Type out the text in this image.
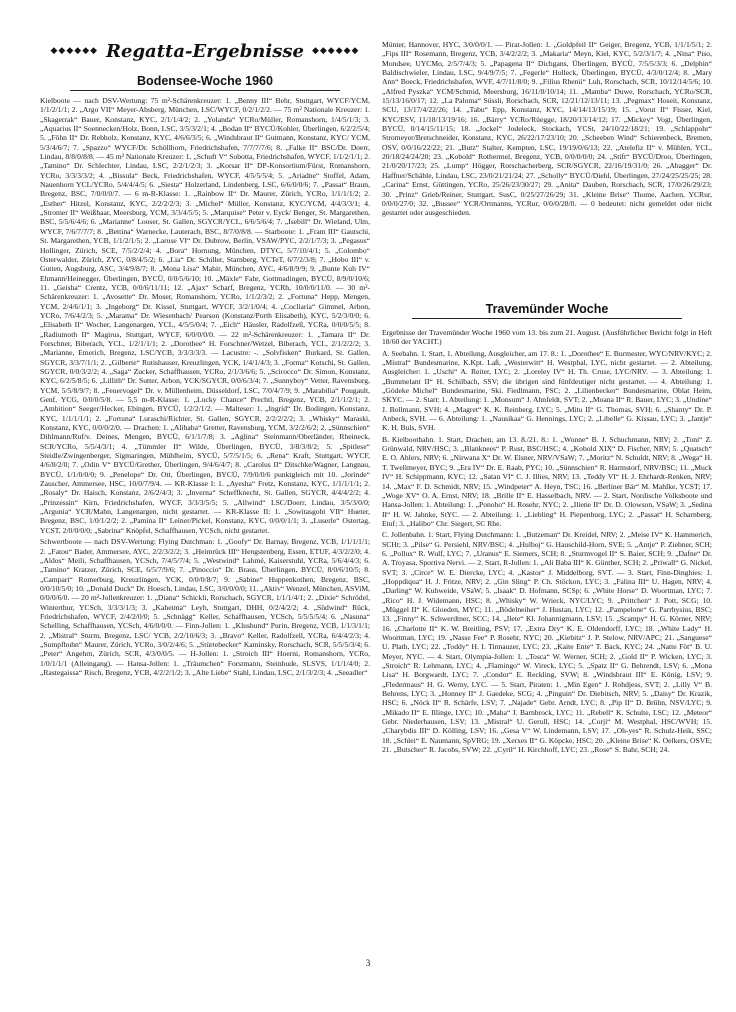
◆◆◆◆◆◆ Regatta-Ergebnisse ◆◆◆◆◆◆
Bodensee-Woche 1960

Kielboote — nach DSV-Wertung: 75 m²-Schärenkreuzer: 1. „Benny III“ Behr, Stuttgart, WYCF/YCM, 1/1/2/1/1; 2. „Argo VII“ Meyer-Absberg, München, LSC/WYCF, 0/2/1/2/2. — 75 m² Nationale Kreuzer: 1. „Skagerrak“ Bauer, Konstanz, KYC, 2/1/1/4/2; 2. „Yolanda“ YCRo/Müller, Romanshorn, 1/4/5/1/3; 3. „Aquarius II“ Soennecken/Holz, Bonn, LSC, 3/5/3/2/1; 4. „Bodan II“ BYCÜ/Kohler, Überlingen, 6/2/2/5/4; 5. „Föhn II“ Dr. Rebholz, Konstanz, KYC, 4/6/6/3/5; 6. „Windsbraut II“ Gutmann, Konstanz, KYC/ YCM, 5/3/4/6/7; 7. „Spazzo“ WYCF/Dr. Schöllhorn, Friedrichshafen, 7/7/7/7/6; 8. „Falke II“ BSC/Dr. Doerr, Lindau, 8/8/0/8/8. — 45 m² Nationale Kreuzer: 1. „Schuft V“ Sobotta, Friedrichshafen, WYCF, 1/1/2/1/1; 2. „Tamino“ Dr. Schlechter, Lindau, LSC, 2/2/1/2/3; 3. „Korsar II“ DP-Konsortium/Fürst, Romanshorn, YCRo, 3/3/3/3/2; 4. „Bissula“ Beck, Friedrichshafen, WYCF, 4/5/5/5/4; 5. „Ariadne“ Stoffel, Adam, Nauenhorn YCL/YCRo, 5/4/4/4/5; 6. „Siesta“ Holzerland, Lindenberg, LSC, 6/6/0/0/6; 7. „Passat“ Braun, Bregenz, BSC, 7/0/0/0/7. — 6 m-R-Klasse: 1. „Rainbow II“ Dr. Maurer, Zürich, YCRo, 1/1/1/1/2; 2. „Esther“ Hitzel, Konstanz, KYC, 2/2/2/2/3; 3. „Michel“ Müller, Konstanz, KYC/YCM, 4/4/3/3/1; 4. „Stromer II“ Weißhaar, Meersburg, YCM, 3/3/4/5/5; 5. „Marquise“ Peter v. Eyck/ Benger, St. Margarethen, BSC, 5/5/6/4/6; 6. „Marianne“ Looser, St. Gallen, SGYCR/YCL, 6/6/5/6/4; 7. „Isebill“ Dr. Wieland, Ulm, WYCF, 7/6/7/7/7; 8. „Bettina“ Warnecke, Lauterach, BSC, 8/7/0/8/8. — Starboote: 1. „Fram III“ Gautschi, St. Margarethen, YCB, 1/1/2/1/5; 2. „Laruse VI“ Dr. Dubrow, Berlin, VSAW/PYC, 2/2/1/7/3; 3. „Pegasus“ Hollinger, Zürich, SCE, 7/5/2/2/4; 4. „Bora“ Hornung, München, DTYC, 5/7/10/4/1; 5. „Colombo“ Osterwalder, Zürich, ZYC, 0/8/4/5/2; 6. „Lia“ Dr. Schiller, Starnberg, YCTeT, 6/7/2/3/8; 7. „Hobo III“ v. Gutten, Augsburg, ASC, 3/4/9/8/7; 8. „Mona Lisa“ Mahir, München, AYC, 4/6/8/9/9; 9. „Bunte Kuh IV“ Ehmann/Heinegger, Überlingen, BYCÜ, 0/0/5/6/10; 10. „Mäxle“ Fahr, Gottmadingen, BYCÜ, 8/9/0/10/6; 11. „Geisha“ Crentz, YCB, 0/0/6/11/11; 12. „Ajax“ Scharf, Bregenz, YCRh, 10/0/0/11/0. — 30 m²-Schärenkreuzer: 1. „Avosette“ Dr. Moser, Romanshorn, YCRo, 1/1/2/3/2; 2. „Fortuna“ Hepp, Mengen, YCM, 2/4/6/1/1; 3. „Ingeborg“ Dr. Kissel, Stuttgart, WYCF, 3/2/1/0/4; 4. „Cocliaria“ Gimmel, Arbon, YCRo, 7/6/4/2/3; 5. „Marama“ Dr. Wiesenbach/ Pearson (Konstanz/Porth Elisabeth), KYC, 5/2/3/0/0; 6. „Elisabeth II“ Wocher, Langenargen, YCL, 4/5/5/0/4; 7. „Eich“ Häusler, Radolfzell, YCRa, 0/0/0/5/5; 8. „Radiumoth II“ Magirus, Stuttgart, WYCF, 6/0/0/0/0. — 22 m²-Schärenkreuzer: 1. „Tamara II“ Dr. Forschner, Biberach, YCL, 1/2/1/1/1; 2. „Dorothee“ H. Forschner/Wetzel, Biberach, YCL, 2/1/2/2/2; 3. „Marianne, Emerich, Bregenz, LSC/YCB, 3/3/3/3/3. — Lacustre: -. „Solvfisken“ Burkard, St. Gallen, SGYCR, 3/3/7/1/1; 2. „Gilberte“ Rutishauser, Kreuzlingen, YCK, 1/4/1/4/3; 3. „Forma“ Kotschi, St. Gallen, SGYCR, 0/0/3/2/2; 4. „Saga“ Zucker, Schaffhausen, YCRo, 2/1/3/6/6; 5. „Scirocco“ Dr. Simon, Konstanz, KYC, 6/2/5/8/5; 6. „Lillith“ Dr. Sutter, Arbon, YCK/SGYCR, 0/0/6/3/4; 7. „Sunnyboy“ Vetter, Ravensburg, YCM, 5/5/8/9/7; 8. „Feuervogel“ Dr. v. Müllenheim, Düsseldorf, LSC, 7/0/4/7/9; 9. „Marabilia“ Pougault, Genf, YCG, 0/0/0/5/8. — 5,5 m-R-Klasse: 1. „Lucky Chance“ Prechtl, Bregenz, YCB, 2/1/1/2/1; 2. „Ambition“ Seeger/Hecker, Ebingen, BYCÜ, 1/2/2/1/2. — Malteser: 1. „Ingrid“ Dr. Bodingen, Konstanz, KYC, 1/1/1/1/1; 2. „Fortuna“ Luraschi/Richter, St. Gallen, SGYCR, 2/2/2/2/2; 3. „Whisky“ Maraski, Konstanz, KYC, 0/0/0/2/0. — Drachen: 1. „Alibaba“ Gretter, Ravensburg, YCM, 3/2/2/6/2; 2. „Sünnschien“ Dihlmann/Ruf/v. Deines, Mengen, BYCÜ, 6/1/1/7/8; 3. „Aglina“ Steinmann/Oberländer, Rheineck, SCR/YCRo, 5/5/4/3/1; 4. „Tümmler II“ Wilde, Überlingen, BYCÜ, 3/8/3/8/2; 5. „Spitlese“ Steidle/Zwingenberger, Sigmaringen, Mühlheim, SYCÜ, 5/7/5/1/5; 6. „Rena“ Kraft, Stuttgart, WYCF, 4/6/8/2/0; 7. „Odin V“ BYCÜ/Grether, Überlingen, 9/4/6/4/7; 8. „Carolus II“ Ditschke/Wagner, Langnau, BYCÜ, 1/1/0/0/0; 9. „Penelope“ Dr. Ott, Überlingen, BYCÜ, 7/9/0/0/6 punktgleich mit 10. „Jorinde“ Zauscher, Ammersee, HSC, 10/0/7/9/4. — KR-Klasse I: 1. „Ayesha“ Fretz, Konstanz, KYC, 1/1/1/1/1; 2. „Rosaly“ Dr. Haisch, Konstanz, 2/6/2/4/3; 3. „Inverna“ Scheffknecht, St. Gallen, SGYCR, 4/4/4/2/2; 4. „Prinzessin“ Kirn, Friedrichshafen, WYCF, 3/3/3/5/5; 5. „Allwind“ LSC/Doerr, Lindau, 3/5/3/0/0; „Argunia“ YCR/Mahn, Langenargen, nicht gestartet. — KR-Klasse II: 1. „Sowitasgoht VII“ Hueter, Bregenz, BSC, 1/0/1/2/2; 2. „Pamina II“ Leiner/Pickel, Konstanz, KYC, 0/0/0/1/1; 3. „Luserle“ Ostertag, YCST, 2/0/0/0/0; „Sabrina“ Knöpfel, Schaffhausen, YCSch, nicht gestartet.

Schwertboote — nach DSV-Wertung: Flying Dutchman: 1. „Goofy“ Dr. Barnay, Bregenz, YCB, 1/1/1/1/1; 2. „Fatou“ Bader, Ammersee, AYC, 2/2/3/2/2; 3. „Heimrück III“ Hengstenberg, Essen, ETUF, 4/3/2/2/0; 4. „Aldos“ Meili, Schaffhausen, YCSch, 7/4/5/7/4; 5. „Westwind“ Lahmé, Kaiserstuhl, YCRa, 5/6/4/4/3; 6. „Tamino“ Kratzer, Zürich, SCE, 6/5/7/9/6; 7. „Pinoccio“ Dr. Braus, Überlingen, BYCÜ, 8/0/6/10/5; 8. „Campari“ Romerburg, Kreuzlingen, YCK, 0/0/0/8/7; 9. „Sabine“ Huppenkothen, Bregenz, BSC, 0/0/10/5/0; 10. „Donald Duck“ Dr. Hoesch, Lindau, LSC, 3/0/0/0/0; 11. „Aktiv“ Wenzel, München, ASViM, 0/0/0/6/0. — 20 m²-Jollenkreuzer: 1. „Diana“ Schickli, Rorschach, SGYCR, 1/1/1/4/1; 2. „Dixie“ Schrödel, Winterthur, YCSch, 3/3/3/1/3; 3. „Kaheima“ Leyh, Stuttgart, DHH, 0/2/4/2/2; 4. „Südwind“ Rück, Friedrichshafen, WYCF, 2/4/2/0/0; 5. „Schnägg“ Keller, Schaffhausen, YCSch, 5/5/5/5/4; 6. „Nasuna“ Schelling, Schaffhausen, YCSch, 4/6/0/0/0. — Finn-Jollen: 1. „Klushund“ Purin, Bregenz, YCB, 1/1/3/1/1; 2. „Mistral“ Sturm, Bregenz, LSC/ YCB, 2/2/10/6/3; 3. „Bravo“ Keller, Radolfzell, YCRa, 6/4/4/2/3; 4. „Sumpfhuhn“ Maurer, Zürich, YCRo, 3/0/2/4/6; 5. „Stürtebecker“ Kaminsky, Rorschach, SCR, 5/5/5/3/4; 6. „Peter“ Angehrn, Zürich, SCR, 4/3/0/0/5. — H-Jollen: 1. „Stroich III“ Hoerni, Romanshorn, YCRo, 1/0/1/1/1 (Alleingang). — Hansa-Jollen: 1. „Träumchen“ Forstmann, Steinhude, SLSVS, 1/1/1/4/0; 2. „Rastegaissa“ Risch, Bregenz, YCB, 4/2/2/1/2; 3. „Alte Liebe“ Stahl, Lindau, LSC, 2/1/3/2/3; 4. „Seeadler“

Münter, Hannover, HYC, 3/0/0/0/1. — Pirat-Jollen: 1. „Goldpfeil II“ Geiger, Bregenz, YCB, 1/1/1/5/1; 2. „Fips III“ Rosemann, Bregenz, YCB, 3/4/2/2/2; 3. „Makaria“ Meyn, Kiel, KYC, 5/2/3/1/7; 4. „Nina“ Piso, Mondsee, UYCMo, 2/5/7/4/3; 5. „Papagena II“ Dichgans, Überlingen, BYCÜ, 7/5/5/3/3; 6. „Delphin“ Baldischwieler, Lindau, LSC, 9/4/9/7/5; 7. „Fegerle“ Holleck, Überlingen, BYCÜ, 4/3/0/12/4; 8. „Mary Ann“ Boeck, Friedrichshafen, WVF, 4/7/11/8/0; 9. „Filius Rhenii“ Luh, Rorschach, SCR, 10/12/14/5/6; 10. „Alfred Pyszka“ YCM/Schmid, Meersburg, 16/11/8/10/14; 11. „Mamba“ Duwe, Rorschach, YCRo/SCR, 15/13/16/0/17; 12. „La Paloma“ Süssli, Rorschach, SCR, 12/21/12/13/11; 13. „Pegmax“ Hoseit, Konstanz, SCU, 13/17/4/22/26; 14. „Tabu“ Epp, Konstanz, KYC, 14/14/13/15/19; 15. „Vorut II“ Fisser, Kiel, KYC/ESV, 11/18/13/19/16; 16. „Bärry“ YCRo/Rüegge, 18/20/13/14/12; 17. „Mickey“ Vogt, Überlingen, BYCÜ, 0/14/15/11/15; 18. „Jockel“ Jodeleck, Stockach, YCSt, 24/10/22/18/21; 19. „Schlappohr“ Stromeyer/Bretschneider, Konstanz, KYC, 26/22/17/23/10; 20. „Scheeben Wind“ Schierenbeck, Bremen, OSV, 0/0/16/22/22; 21. „Butz“ Stalter, Kempten, LSC, 19/19/0/6/13; 22. „Atelefiz II“ v. Mühlen, YCL, 20/18/24/24/20; 23. „Kobold“ Rothermel, Bregenz, YCB, 0/0/0/0/0; 24. „Stift“ BYCÜ/Droo, Überlingen, 21/0/20/17/23; 25. „Lump“ Högger, Rorschacherberg, SCR/SGYCR, 22/16/19/31/0; 26. „Abagger“ Dr. Haffner/Schäble, Lindau, LSC, 23/0/21/21/24; 27. „Scholly“ BYCÜ/Diehl, Überlingen, 27/24/25/25/25; 28. „Carina“ Ernst, Güttingen, YCRo, 25/26/23/30/27; 29. „Anita“ Dauben, Rorschach, SCR, 17/0/26/29/23; 30. „Prinz“ Grieb/Reiner, Stuttgart, SusC, 0/25/27/26/29; 31. „Kleine Brise“ Thome, Aachen, YCRur, 0/0/0/27/0; 32. „Bussee“ YCR/Ortmanns, YCRur, 0/0/0/28/0. — 0 bedeutet: nicht gemeldet oder nicht gestartet oder ausgeschieden.

Travemünder Woche

Ergebnisse der Travemünder Woche 1960 vom 13. bis zum 21. August. (Ausführlicher Bericht folgt in Heft 18/60 der YACHT.)

A. Seebahn. 1. Start, 1. Abteilung, Ausgleicher, am 17. 8.: 1. „Dorothee“ E. Burmester, WYC/NRV/KYC; 2. „Mistral“ Bundesmarine, K.Kpt. Laß, „Westerwitt“ H. Westphal, LYC, nicht gestartet. — 2. Abteilung, Ausgleicher: 1. „Uschi“ A. Reiter, LYC; 2. „Loreley IV“ H. Th. Cruse, LYC/NRV. — 3. Abteilung: 1. „Bummelant II“ H. Schilbach, SSV; die übrigen sind fünfdeutiger nicht gestartet. — 4. Abteilung: 1. „Gödeke Michel“ Bundesmarine, Ski. Fiedlmann, FSC; 2. „Lilienbecker“ Bundesmarine, Oblat Heim, SKYC. — 2. Start: 1. Abteilung: 1. „Monsum“ J. Ahnfeldt, SVT; 2. „Moana II“ R. Bauer, LYC; 3. „Undine“ J. Bollmann, SVH; 4. „Magret“ K. K. Reinberg, LYC; 5. „Mitu II“ G. Thomas, SVH; 6. „Shanty“ Dr. P. Anbeck, SVH. — 6. Abteilung: 1. „Nausikaa“ G. Hennings, LYC; 2. „Libelle“ G. Kissau, LYC; 3. „Jantje“ K. H. Buls, SVH.

B. Kielbootbahn. 1. Start, Drachen, am 13. 8./21. 8.: 1. „Wonne“ B. J. Schuchmann, NRV; 2. „Toni“ Z. Grünwald, NRV/HSC; 3. „Blanknees“ P. Rust, BSC/HSC; 4. „Kobold XIX“ D. Fischer, NRV; 5. „Quatsch“ E. O. Ahlers, NRV; 6. „Nirwana X“ Dr. W. Elsner, NRV/VSaW; 7. „Moritz“ N. Schuldt, NRV; 8. „Wega“ H. T. Twellmeyer, BYC; 9. „Era IV“ Dr. E. Raab, PYC; 10. „Sünnschien“ R. Harmstorf, NRV/BSC; 11. „Muck IV“ H. Schippmann, KYC; 12. „Satan VI“ C. J. Illies, NRV; 13. „Teddy VI“ H. J. Ehrhardt-Renken, NRV; 14. „Max“ F. D. Schmidt, NRV; 15. „Windpeter“ A. Heyn, TSC; 16. „Berliner Bär“ M. Mahlke, YCST; 17. „Woge XV“ O. A. Ernst, NRV; 18. „Brille II“ E. Hasselbach, NRV. — 2. Start, Nordische Volksboote und Hansa-Jollen: 1. Abteilung: 1. „Ponoho“ H. Rosehr, NYC; 2. „Iliene II“ Dr. D. Olowson, VSaW; 3. „Sedina II“ H. W. Jahnke, StYC. — 2. Abteilung: 1. „Liebling“ H. Piepenburg, LYC; 2. „Passat“ H. Scharnberg, Etuf; 3. „Halibo“ Chr. Siegert, SC Rhe.

C. Jollenbahn. 1. Start, Flying Dutchmann: 1. „Butzeman“ Dr. Kreidel, NRV; 2. „Meise IV“ K. Hammerich, SCHt; 3. „Pilse“ G. Persiehl, NRV/BSC; 4. „Hulboj“ G. Hauschild-Horn, SVE; 5. „Antje“ P. Ziebner, SCH; 6. „Pollux“ R. Wulf, LYC; 7. „Uranus“ E. Siemers, SCH; 8. „Sturmvogel II“ S. Baier, SCH; 9. „Dafne“ Dr. A. Troyasa, Sportiva Nervi. — 2. Start, R-Jollen: 1. „Ali Baba III“ K. Günther, SCH; 2. „Priwall“ G. Nickel, SVT; 3. „Circe“ W. E. Diercke, LYC; 4. „Kastor“ J. Middelborg, SVT. — 3. Start, Finn-Dinghies: 1. „Hoppdiqua“ H. J. Fritze, NRV; 2. „Gin Sling“ P. Ch. Stöckon, LYC; 3. „Falina III“ U. Hagen, NRV; 4. „Darling“ W. Kuhweide, VSaW; 5. „Isaak“ D. Hofmann, SCSp; 6. „White Horse“ D. Woortman, LYC; 7. „Rico“ H. J. Widemann, HSC; 8. „Whisky“ W. Wrieck, NYC/LYC; 9. „Prittchen“ J. Pott, SCG; 10. „Müggel II“ K. Gloeden, MYC; 11. „Bödelneiher“ J. Hustan, LYC; 12. „Pampelone“ G. Parrhysius, BSC; 13. „Finny“ K. Schwerdtner, SCC; 14. „Ilete“ Kl. Johannigmann, LSV; 15. „Scampy“ H. G. Körner, NRV; 16. „Charlotte II“ K. W. Breitling, PSV; 17. „Extra Dry“ K. E. Oldendorff, LYC; 18. „White Lady“ H. Woortman, LYC; 19. „Nasse Fee“ P. Rosehr, NYC; 20. „Kiebitz“ J. P. Stelow, NRV/APC; 21. „Sanguese“ U. Plath, LYC; 22. „Toddy“ H. I. Tinnauzer, LYC; 23. „Kaite Ente“ T. Back, KYC; 24. „Natte Föt“ B. U. Meyer, NYC. — 4. Start, Olympia-Jollen: 1. „Tosca“ W. Werner, SCH; 2. „Gold II“ P. Wicken, LYC; 3. „Stroich“ R. Lehmann, LYC; 4. „Flamingo“ W. Vireck, LYC; 5. „Spatz II“ G. Behrendt, LSV; 6. „Mona Lisa“ H. Borgwardt, LYC; 7. „Condor“ E. Reckling, SVW; 8. „Windsbraut III“ E. König, LSV; 9. „Fledermaus“ H. G. Werny, LYC. — 5. Start, Piraten: 1. „Min Egen“ J. Rohdjess, SVT; 2. „Lilly V“ B. Behrens, LYC; 3. „Honney II“ J. Gaedeke, SCG; 4. „Pinguin“ Dr. Diebitsch, NRV; 5. „Daisy“ Dr. Krazik, HSC; 6. „Nöck II“ R. Schärfe, LSV; 7. „Najade“ Gebr. Arndt, LYC; 8. „Pip II“ D. Brühn, NSV/LYC; 9. „Mikado II“ E. Illinge, LYC; 10. „Maha“ J. Barnbrock, LYC; 11. „Rebell“ K. Schulte, LSC; 12. „Meteor“ Gebr. Niederhausen, LSV; 13. „Mistral“ U. Gerull, HSC; 14. „Corji“ M. Westphal, HSC/WVH; 15. „Charybdis III“ D. Kölling, LSV; 16. „Gesa V“ W. Lindemann, LSV; 17. „Oh-yes“ R. Schulz-Heik, SSC; 18. „Schlei“ E. Naumann, SpVRG; 19. „Xerxes II“ G. Köpcke, HSC; 20. „Kleine Brise“ K. Oelkers, OSVE; 21. „Butscher“ R. Jacobs, SVW; 22. „Cyril“ H. Kirchhoff, LYC; 23. „Rose“ S. Bahr, SCH; 24.

3
